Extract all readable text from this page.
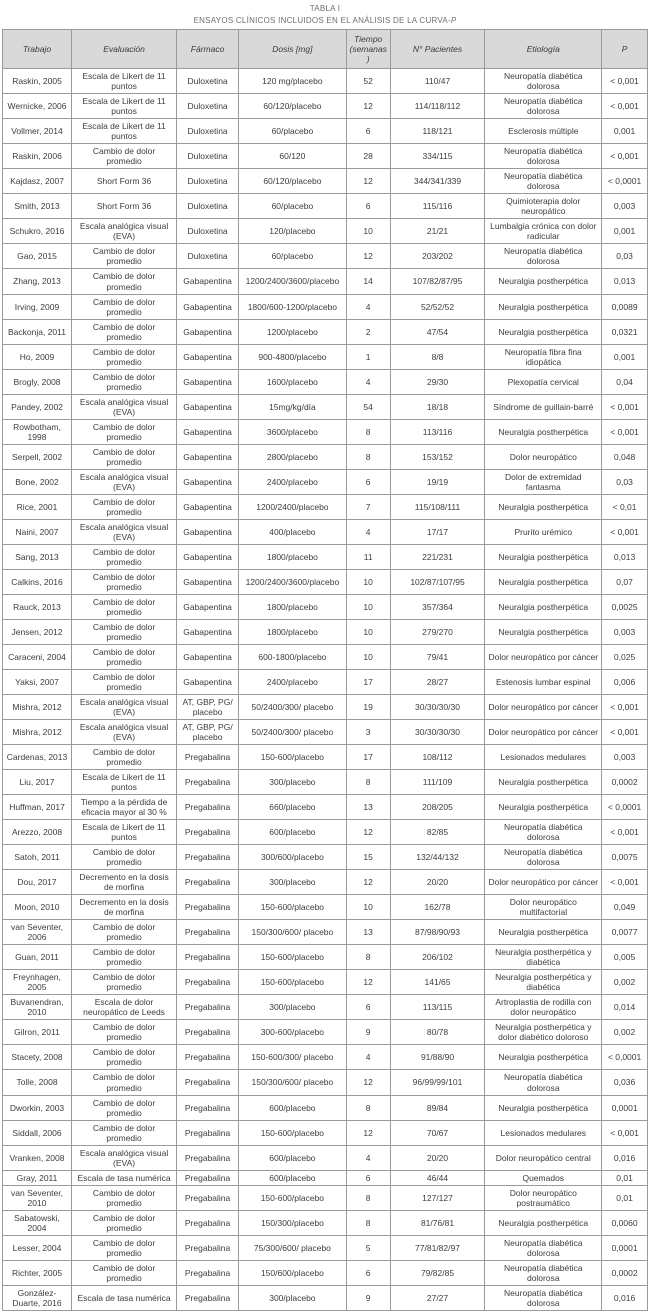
TABLA I
ENSAYOS CLÍNICOS INCLUIDOS EN EL ANÁLISIS DE LA CURVA-P
Trabajo	Evaluación	Fármaco	Dosis [mg]	Tiempo (semanas)	N° Pacientes	Etiología	P
Raskin, 2005	Escala de Likert de 11 puntos	Duloxetina	120 mg/placebo	52	110/47	Neuropatía diabética dolorosa	< 0,001
Wernicke, 2006	Escala de Likert de 11 puntos	Duloxetina	60/120/placebo	12	114/118/112	Neuropatía diabética dolorosa	< 0,001
Vollmer, 2014	Escala de Likert de 11 puntos	Duloxetina	60/placebo	6	118/121	Esclerosis múltiple	0,001
Raskin, 2006	Cambio de dolor promedio	Duloxetina	60/120	28	334/115	Neuropatía diabética dolorosa	< 0,001
Kajdasz, 2007	Short Form 36	Duloxetina	60/120/placebo	12	344/341/339	Neuropatía diabética dolorosa	< 0,0001
Smith, 2013	Short Form 36	Duloxetina	60/placebo	6	115/116	Quimioterapia dolor neuropático	0,003
Schukro, 2016	Escala analógica visual (EVA)	Duloxetina	120/placebo	10	21/21	Lumbalgia crónica con dolor radicular	0,001
Gao, 2015	Cambio de dolor promedio	Duloxetina	60/placebo	12	203/202	Neuropatía diabética dolorosa	0,03
Zhang, 2013	Cambio de dolor promedio	Gabapentina	1200/2400/3600/placebo	14	107/82/87/95	Neuralgia postherpética	0,013
Irving, 2009	Cambio de dolor promedio	Gabapentina	1800/600-1200/placebo	4	52/52/52	Neuralgia postherpética	0,0089
Backonja, 2011	Cambio de dolor promedio	Gabapentina	1200/placebo	2	47/54	Neuralgia postherpética	0,0321
Ho, 2009	Cambio de dolor promedio	Gabapentina	900-4800/placebo	1	8/8	Neuropatía fibra fina idiopática	0,001
Brogly, 2008	Cambio de dolor promedio	Gabapentina	1600/placebo	4	29/30	Plexopatía cervical	0,04
Pandey, 2002	Escala analógica visual (EVA)	Gabapentina	15mg/kg/día	54	18/18	Síndrome de guillain-barré	< 0,001
Rowbotham, 1998	Cambio de dolor promedio	Gabapentina	3600/placebo	8	113/116	Neuralgia postherpética	< 0,001
Serpell, 2002	Cambio de dolor promedio	Gabapentina	2800/placebo	8	153/152	Dolor neuropático	0,048
Bone, 2002	Escala analógica visual (EVA)	Gabapentina	2400/placebo	6	19/19	Dolor de extremidad fantasma	0,03
Rice, 2001	Cambio de dolor promedio	Gabapentina	1200/2400/placebo	7	115/108/111	Neuralgia postherpética	< 0,01
Naini, 2007	Escala analógica visual (EVA)	Gabapentina	400/placebo	4	17/17	Prurito urémico	< 0,001
Sang, 2013	Cambio de dolor promedio	Gabapentina	1800/placebo	11	221/231	Neuralgia postherpética	0,013
Calkins, 2016	Cambio de dolor promedio	Gabapentina	1200/2400/3600/placebo	10	102/87/107/95	Neuralgia postherpética	0,07
Rauck, 2013	Cambio de dolor promedio	Gabapentina	1800/placebo	10	357/364	Neuralgia postherpética	0,0025
Jensen, 2012	Cambio de dolor promedio	Gabapentina	1800/placebo	10	279/270	Neuralgia postherpética	0,003
Caraceni, 2004	Cambio de dolor promedio	Gabapentina	600-1800/placebo	10	79/41	Dolor neuropático por cáncer	0,025
Yaksi, 2007	Cambio de dolor promedio	Gabapentina	2400/placebo	17	28/27	Estenosis lumbar espinal	0,006
Mishra, 2012	Escala analógica visual (EVA)	AT, GBP, PG/ placebo	50/2400/300/ placebo	19	30/30/30/30	Dolor neuropático por cáncer	< 0,001
Mishra, 2012	Escala analógica visual (EVA)	AT, GBP, PG/ placebo	50/2400/300/ placebo	3	30/30/30/30	Dolor neuropático por cáncer	< 0,001
Cardenas, 2013	Cambio de dolor promedio	Pregabalina	150-600/placebo	17	108/112	Lesionados medulares	0,003
Liu, 2017	Escala de Likert de 11 puntos	Pregabalina	300/placebo	8	111/109	Neuralgia postherpética	0,0002
Huffman, 2017	Tiempo a la pérdida de eficacia mayor al 30 %	Pregabalina	660/placebo	13	208/205	Neuralgia postherpética	< 0,0001
Arezzo, 2008	Escala de Likert de 11 puntos	Pregabalina	600/placebo	12	82/85	Neuropatía diabética dolorosa	< 0,001
Satoh, 2011	Cambio de dolor promedio	Pregabalina	300/600/placebo	15	132/44/132	Neuropatía diabética dolorosa	0,0075
Dou, 2017	Decremento en la dosis de morfina	Pregabalina	300/placebo	12	20/20	Dolor neuropático por cáncer	< 0,001
Moon, 2010	Decremento en la dosis de morfina	Pregabalina	150-600/placebo	10	162/78	Dolor neuropático multifactorial	0,049
van Seventer, 2006	Cambio de dolor promedio	Pregabalina	150/300/600/ placebo	13	87/98/90/93	Neuralgia postherpética	0,0077
Guan, 2011	Cambio de dolor promedio	Pregabalina	150-600/placebo	8	206/102	Neuralgia postherpética y diabética	0,005
Freynhagen, 2005	Cambio de dolor promedio	Pregabalina	150-600/placebo	12	141/65	Neuralgia postherpética y diabética	0,002
Buvanendran, 2010	Escala de dolor neuropático de Leeds	Pregabalina	300/placebo	6	113/115	Artroplastia de rodilla con dolor neuropático	0,014
Gilron, 2011	Cambio de dolor promedio	Pregabalina	300-600/placebo	9	80/78	Neuralgia postherpética y dolor diabético doloroso	0,002
Stacety, 2008	Cambio de dolor promedio	Pregabalina	150-600/300/ placebo	4	91/88/90	Neuralgia postherpética	< 0,0001
Tolle, 2008	Cambio de dolor promedio	Pregabalina	150/300/600/ placebo	12	96/99/99/101	Neuropatía diabética dolorosa	0,036
Dworkin, 2003	Cambio de dolor promedio	Pregabalina	600/placebo	8	89/84	Neuralgia postherpética	0,0001
Siddall, 2006	Cambio de dolor promedio	Pregabalina	150-600/placebo	12	70/67	Lesionados medulares	< 0,001
Vranken, 2008	Escala analógica visual (EVA)	Pregabalina	600/placebo	4	20/20	Dolor neuropático central	0,016
Gray, 2011	Escala de tasa numérica	Pregabalina	600/placebo	6	46/44	Quemados	0,01
van Seventer, 2010	Cambio de dolor promedio	Pregabalina	150-600/placebo	8	127/127	Dolor neuropático postraumático	0,01
Sabatowski, 2004	Cambio de dolor promedio	Pregabalina	150/300/placebo	8	81/76/81	Neuralgia postherpética	0,0060
Lesser, 2004	Cambio de dolor promedio	Pregabalina	75/300/600/ placebo	5	77/81/82/97	Neuropatía diabética dolorosa	0,0001
Richter, 2005	Cambio de dolor promedio	Pregabalina	150/600/placebo	6	79/82/85	Neuropatía diabética dolorosa	0,0002
González-Duarte, 2016	Escala de tasa numérica	Pregabalina	300/placebo	9	27/27	Neuropatía diabética dolorosa	0,016
